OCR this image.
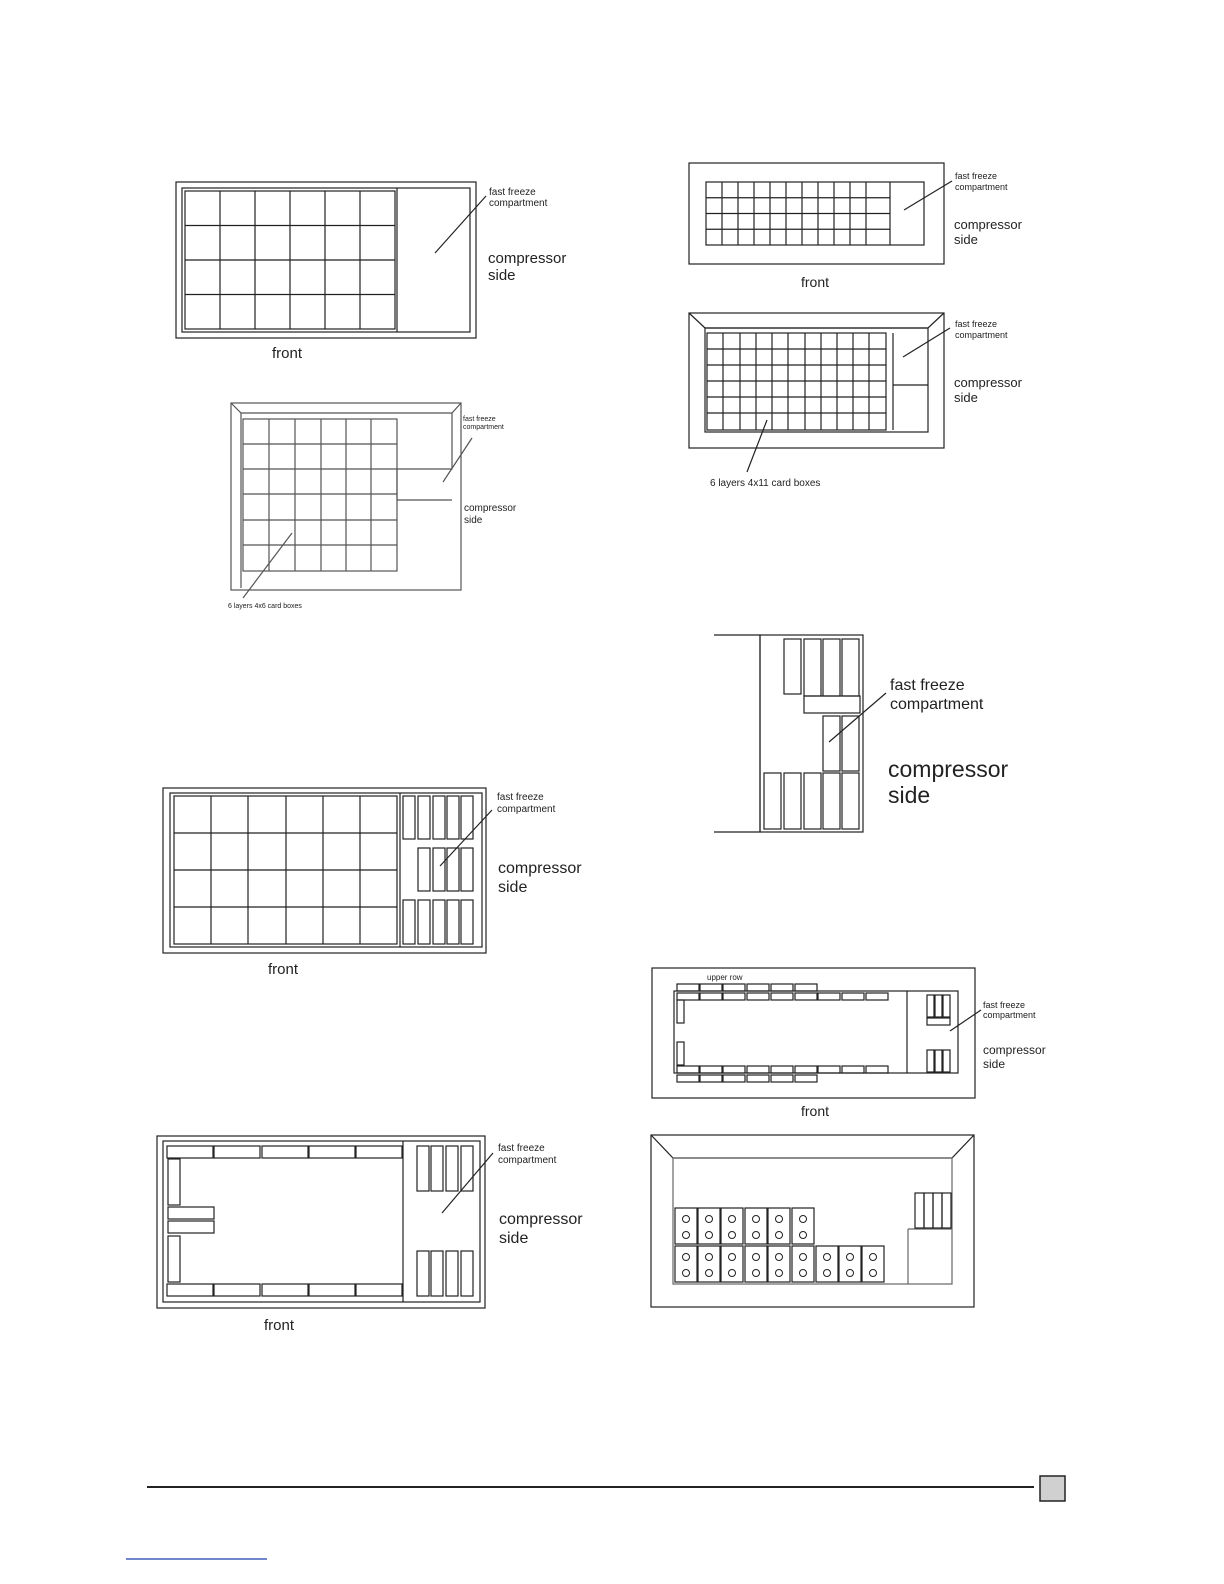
fast freeze
compartment
compressor
side
front
fast freeze
compartment
compressor
side
6 layers 4x6 card boxes
fast freeze
compartment
compressor
side
front
fast freeze
compartment
compressor
side
6 layers 4x11 card boxes
fast freeze
compartment
compressor
side
fast freeze
compartment
compressor
side
front	upper row
fast freeze
compartment
compressor
side
front
fast freeze
compartment
compressor
side
front
